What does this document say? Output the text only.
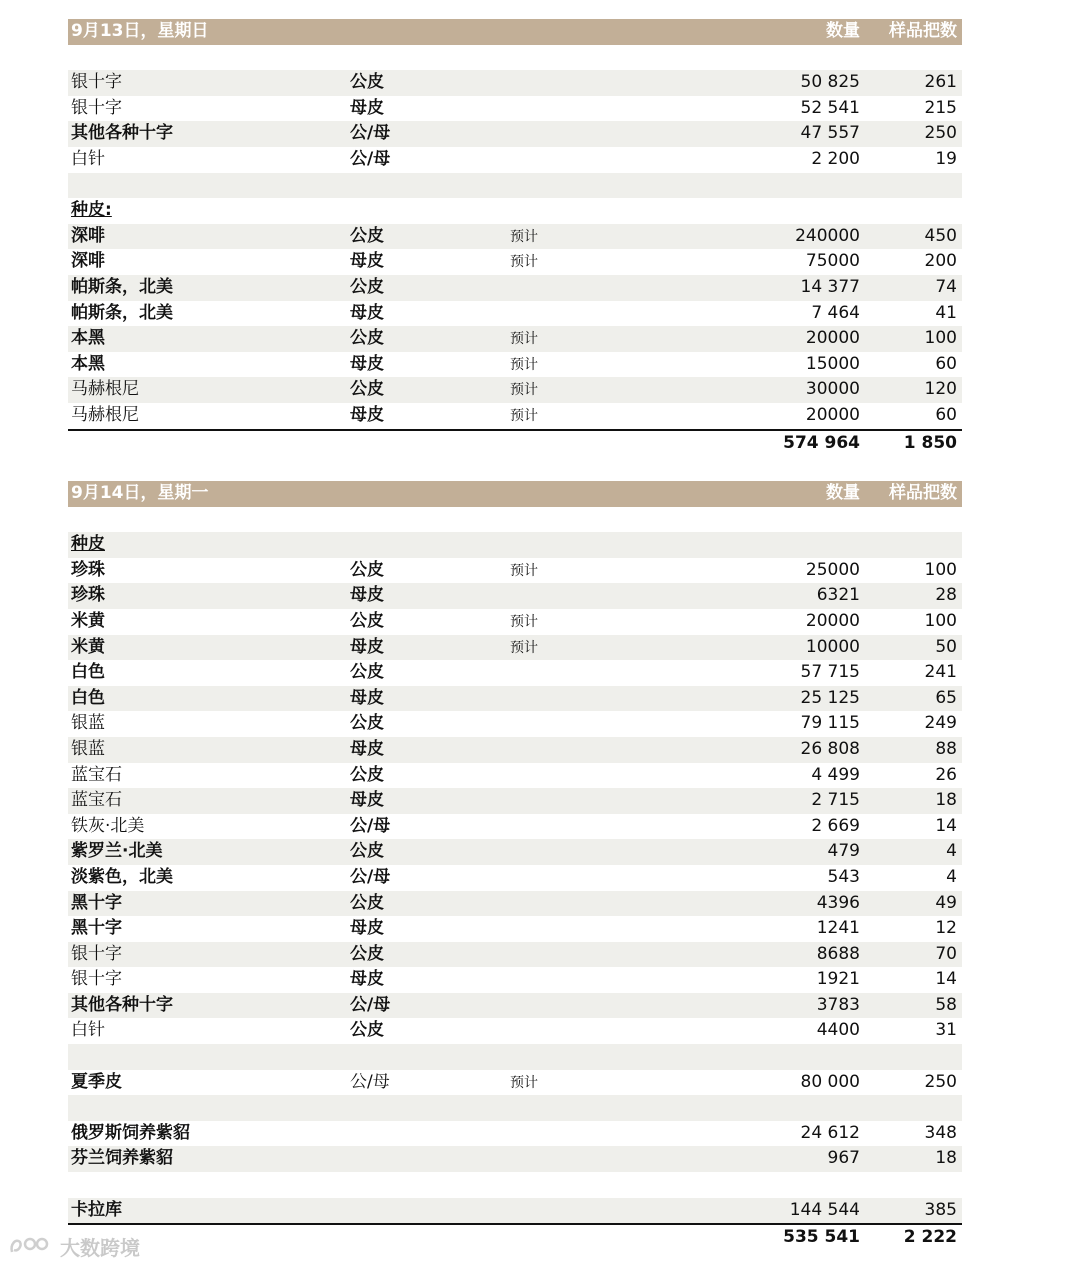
9月13日，星期日	数量 样品把数
银十字	公皮	50 825	261
银十字	母皮	52 541	215
其他各种十字	公/母	47 557	250
白针	公/母	2 200	19
种皮:
深啡	公皮	预计	240000	450
深啡	母皮	预计	75000	200
帕斯条，北美	公皮	14 377	74
帕斯条，北美	母皮	7 464	41
本黑	公皮	预计	20000	100
本黑	母皮	预计	15000	60
马赫根尼	公皮	预计	30000	120
马赫根尼	母皮	预计	20000	60
574 964	1 850
9月14日，星期一	数量 样品把数
种皮
珍珠	公皮	预计	25000	100
珍珠	母皮	6321	28
米黄	公皮	预计	20000	100
米黄	母皮	预计	10000	50
白色	公皮	57 715	241
白色	母皮	25 125	65
银蓝	公皮	79 115	249
银蓝	母皮	26 808	88
蓝宝石	公皮	4 499	26
蓝宝石	母皮	2 715	18
铁灰·北美	公/母	2 669	14
紫罗兰·北美	公皮	479	4
淡紫色，北美	公/母	543	4
黑十字	公皮	4396	49
黑十字	母皮	1241	12
银十字	公皮	8688	70
银十字	母皮	1921	14
其他各种十字	公/母	3783	58
白针	公皮	4400	31
夏季皮	公/母	预计	80 000	250
俄罗斯饲养紫貂	24 612	348
芬兰饲养紫貂	967	18
卡拉库	144 544	385
535 541	2 222
大数跨境
